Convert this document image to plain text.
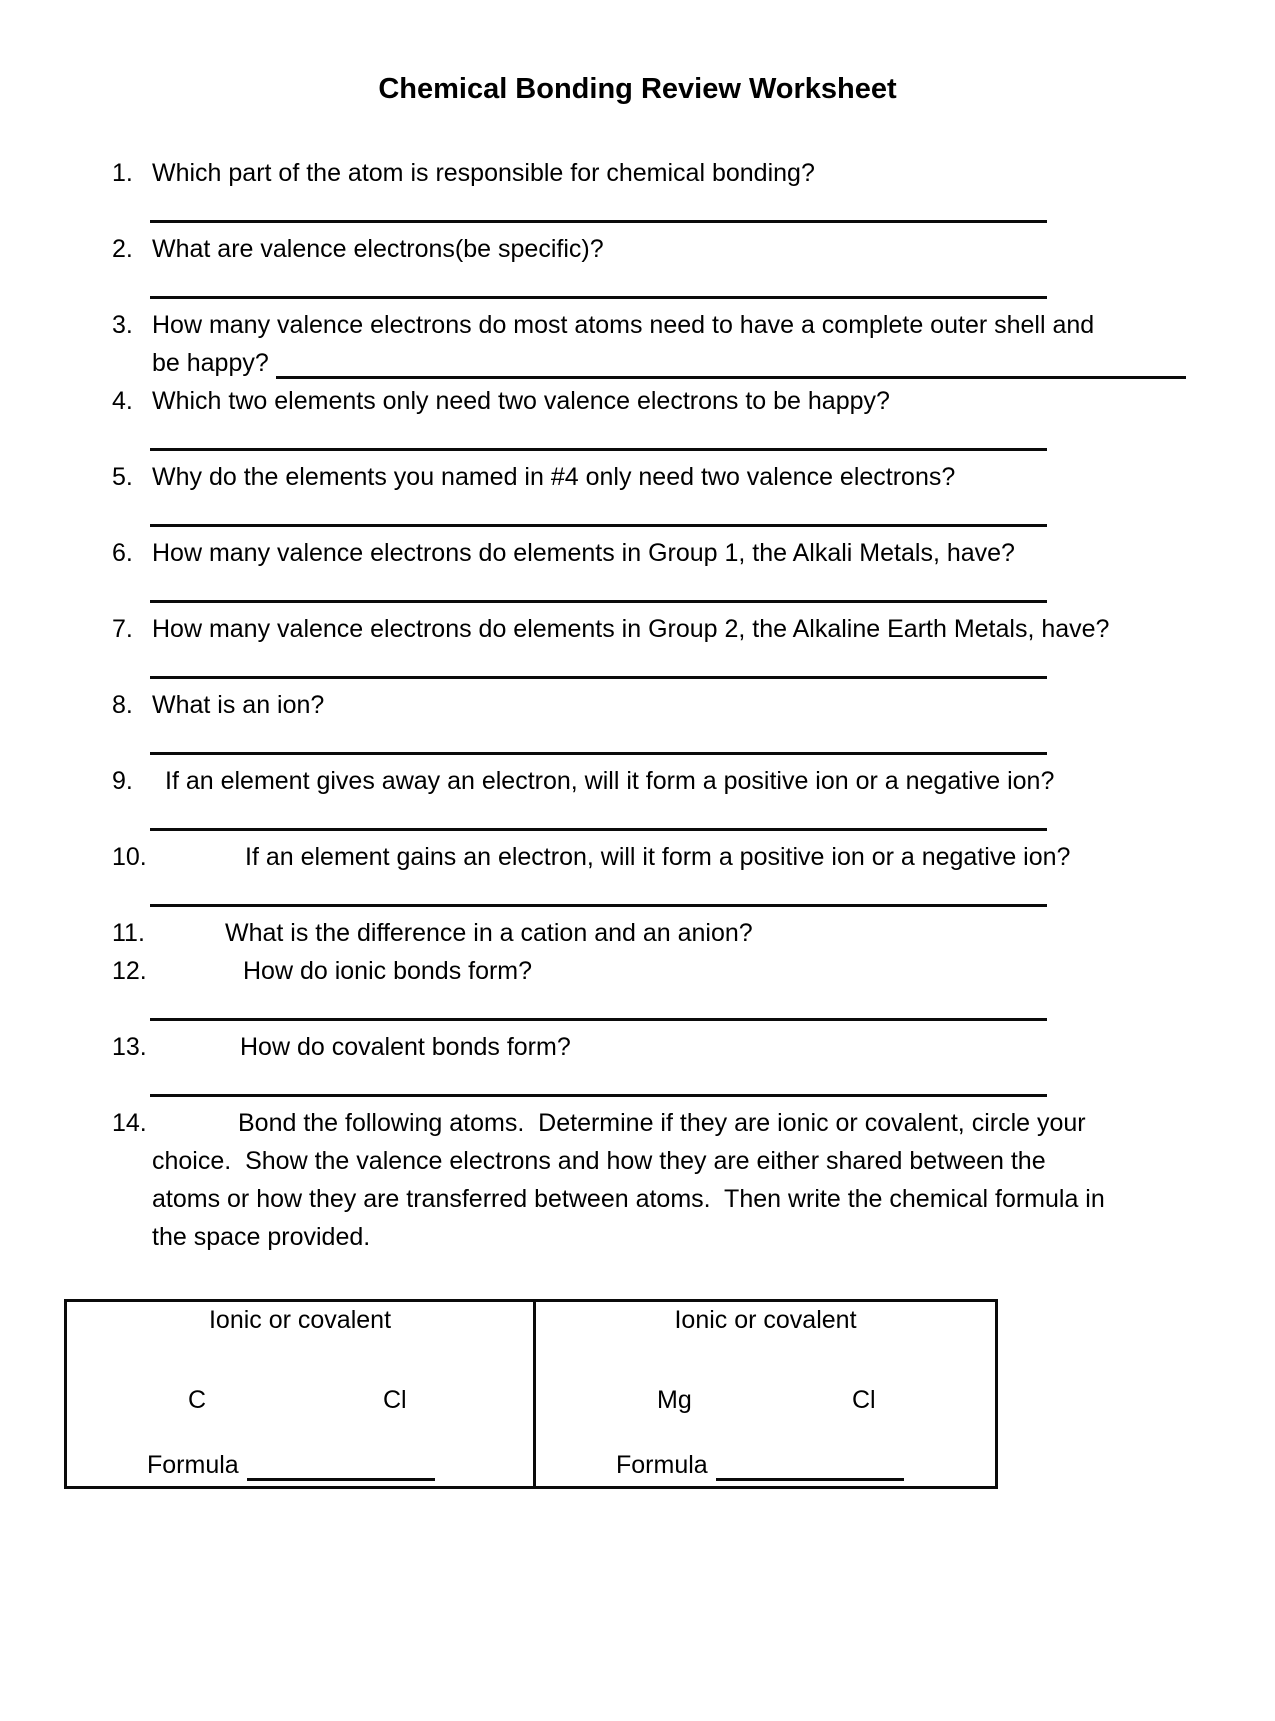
Chemical Bonding Review Worksheet
1. Which part of the atom is responsible for chemical bonding?
2. What are valence electrons(be specific)?
3. How many valence electrons do most atoms need to have a complete outer shell and
be happy?
4. Which two elements only need two valence electrons to be happy?
5. Why do the elements you named in #4 only need two valence electrons?
6. How many valence electrons do elements in Group 1, the Alkali Metals, have?
7. How many valence electrons do elements in Group 2, the Alkaline Earth Metals, have?
8. What is an ion?
9. If an element gives away an electron, will it form a positive ion or a negative ion?
10.	If an element gains an electron, will it form a positive ion or a negative ion?
11.	What is the difference in a cation and an anion?
12.	How do ionic bonds form?
13.	How do covalent bonds form?
14.	Bond the following atoms.  Determine if they are ionic or covalent, circle your
choice.  Show the valence electrons and how they are either shared between the
atoms or how they are transferred between atoms.  Then write the chemical formula in
the space provided.
Ionic or covalent
C	Cl
Formula
Ionic or covalent
Mg	Cl
Formula
